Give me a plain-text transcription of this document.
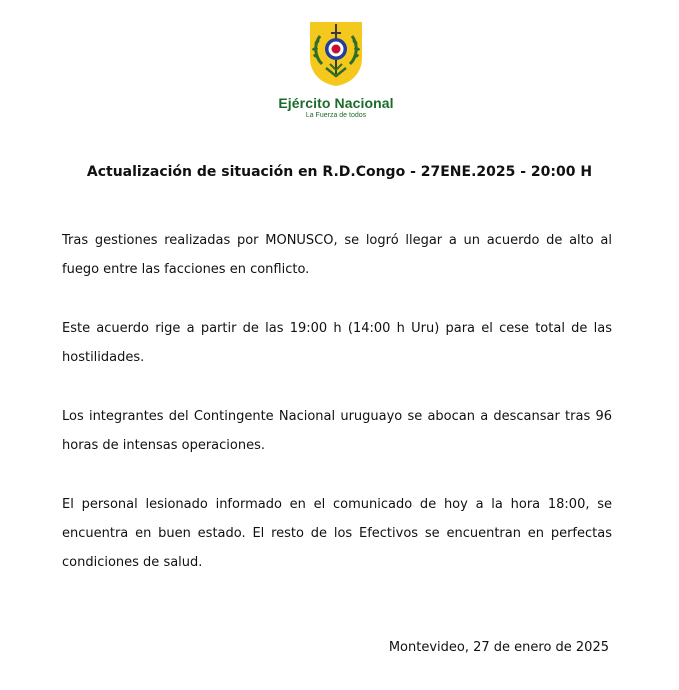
Ejército Nacional
La Fuerza de todos
Actualización de situación en R.D.Congo - 27ENE.2025 - 20:00 H

Tras gestiones realizadas por MONUSCO, se logró llegar a un acuerdo de alto al fuego entre las facciones en conflicto.

Este acuerdo rige a partir de las 19:00 h (14:00 h Uru) para el cese total de las hostilidades.

Los integrantes del Contingente Nacional uruguayo se abocan a descansar tras 96 horas de intensas operaciones.

El personal lesionado informado en el comunicado de hoy a la hora 18:00, se encuentra en buen estado. El resto de los Efectivos se encuentran en perfectas condiciones de salud.

Montevideo, 27 de enero de 2025
